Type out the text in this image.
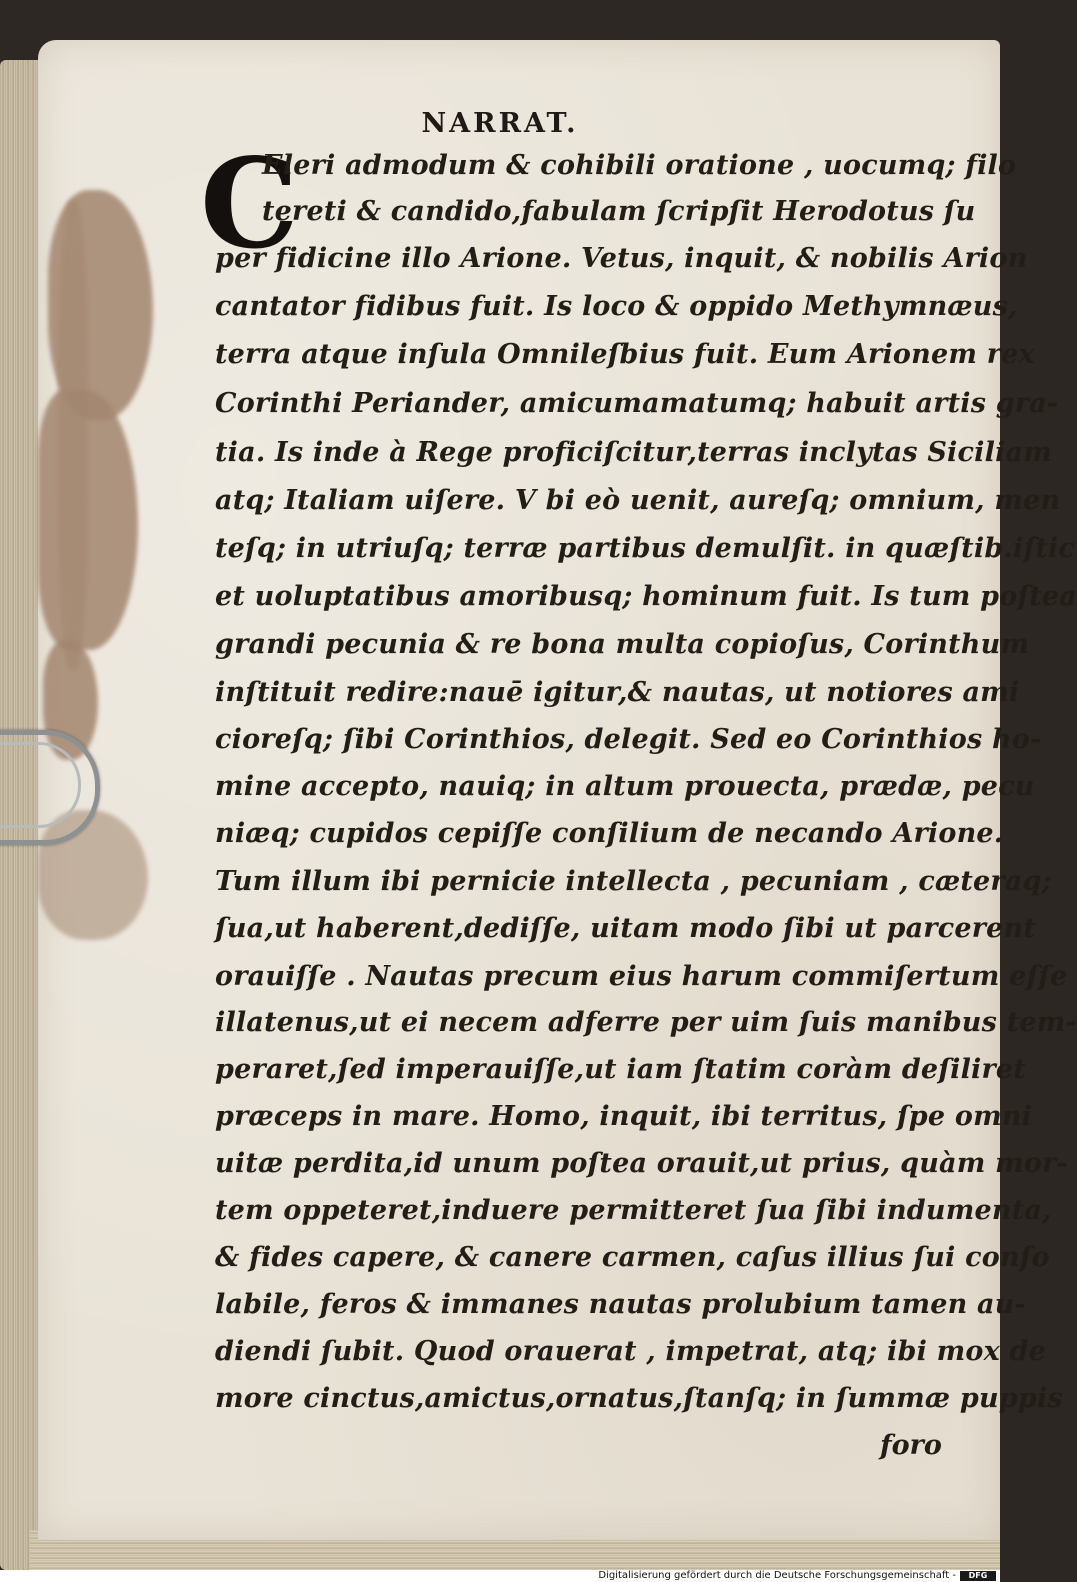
NARRAT.
C
Eleri admodum & cohibili oratione , uocumq; filo
tereti & candido,fabulam ſcripſit Herodotus ſu
per fidicine illo Arione. Vetus, inquit, & nobilis Arion
cantator fidibus fuit. Is loco & oppido Methymnæus,
terra atque inſula Omnileſbius fuit. Eum Arionem rex
Corinthi Periander, amicumamatumq; habuit artis gra-
tia. Is inde à Rege proficiſcitur,terras inclytas Siciliam
atq; Italiam uiſere. V bi eò uenit, aureſq; omnium, men
teſq; in utriuſq; terræ partibus demulſit. in quæſtib.iſtic
et uoluptatibus amoribusq; hominum fuit. Is tum poſtea
grandi pecunia & re bona multa copioſus, Corinthum
inſtituit redire:nauē igitur,& nautas, ut notiores ami
cioreſq; ſibi Corinthios, delegit. Sed eo Corinthios ho-
mine accepto, nauiq; in altum prouecta, prædæ, pecu
niæq; cupidos cepiſſe conſilium de necando Arione.
Tum illum ibi pernicie intellecta , pecuniam , cæteraq;
ſua,ut haberent,dediſſe, uitam modo ſibi ut parcerent
orauiſſe . Nautas precum eius harum commiſertum eſſe
illatenus,ut ei necem adferre per uim ſuis manibus tem-
peraret,ſed imperauiſſe,ut iam ſtatim coràm deſiliret
præceps in mare. Homo, inquit, ibi territus, ſpe omni
uitæ perdita,id unum poſtea orauit,ut prius, quàm mor-
tem oppeteret,induere permitteret ſua ſibi indumenta,
& fides capere, & canere carmen, caſus illius ſui conſo
labile, feros & immanes nautas prolubium tamen au-
diendi ſubit. Quod orauerat , impetrat, atq; ibi mox de
more cinctus,amictus,ornatus,ſtanſq; in ſummæ puppis
foro
Digitalisierung gefördert durch die Deutsche Forschungsgemeinschaft -	DFG
